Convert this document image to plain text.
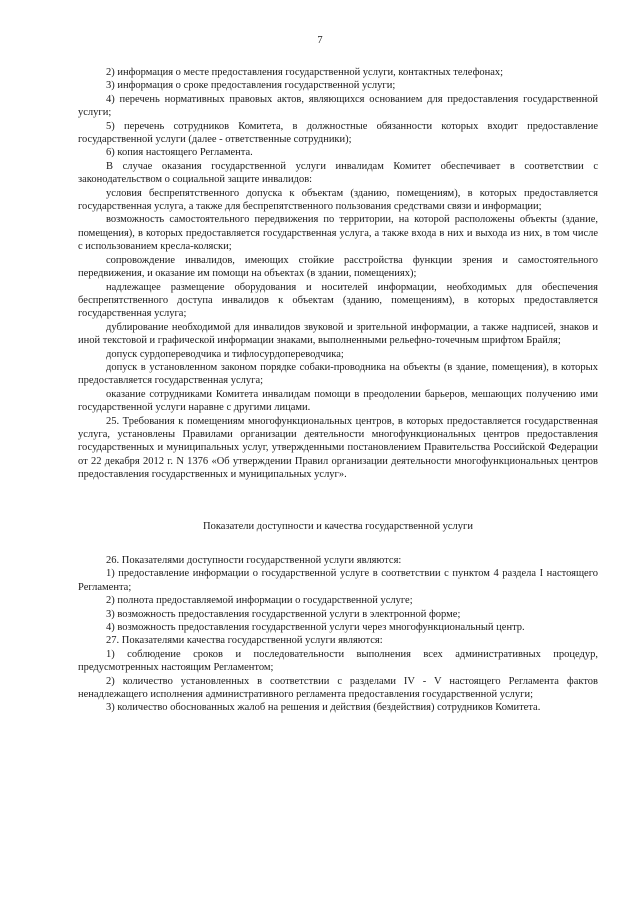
7

2) информация о месте предоставления государственной услуги, контактных телефонах;

3) информация о сроке предоставления государственной услуги;

4) перечень нормативных правовых актов, являющихся основанием для предоставления государственной услуги;

5) перечень сотрудников Комитета, в должностные обязанности которых входит предоставление государственной услуги (далее - ответственные сотрудники);

6) копия настоящего Регламента.

В случае оказания государственной услуги инвалидам Комитет обеспечивает в соответствии с законодательством о социальной защите инвалидов:

условия беспрепятственного допуска к объектам (зданию, помещениям), в которых предоставляется государственная услуга, а также для беспрепятственного пользования средствами связи и информации;

возможность самостоятельного передвижения по территории, на которой расположены объекты (здание, помещения), в которых предоставляется государственная услуга, а также входа в них и выхода из них, в том числе с использованием кресла-коляски;

сопровождение инвалидов, имеющих стойкие расстройства функции зрения и самостоятельного передвижения, и оказание им помощи на объектах (в здании, помещениях);

надлежащее размещение оборудования и носителей информации, необходимых для обеспечения беспрепятственного доступа инвалидов к объектам (зданию, помещениям), в которых предоставляется государственная услуга;

дублирование необходимой для инвалидов звуковой и зрительной информации, а также надписей, знаков и иной текстовой и графической информации знаками, выполненными рельефно-точечным шрифтом Брайля;

допуск сурдопереводчика и тифлосурдопереводчика;

допуск в установленном законом порядке собаки-проводника на объекты (в здание, помещения), в которых предоставляется государственная услуга;

оказание сотрудниками Комитета инвалидам помощи в преодолении барьеров, мешающих получению ими государственной услуги наравне с другими лицами.

25. Требования к помещениям многофункциональных центров, в которых предоставляется государственная услуга, установлены Правилами организации деятельности многофункциональных центров предоставления государственных и муниципальных услуг, утвержденными постановлением Правительства Российской Федерации от 22 декабря 2012 г. N 1376 «Об утверждении Правил организации деятельности многофункциональных центров предоставления государственных и муниципальных услуг».

Показатели доступности и качества государственной услуги

26. Показателями доступности государственной услуги являются:

1) предоставление информации о государственной услуге в соответствии с пунктом 4 раздела I настоящего Регламента;

2) полнота предоставляемой информации о государственной услуге;

3) возможность предоставления государственной услуги в электронной форме;

4) возможность предоставления государственной услуги через многофункциональный центр.

27. Показателями качества государственной услуги являются:

1) соблюдение сроков и последовательности выполнения всех административных процедур, предусмотренных настоящим Регламентом;

2) количество установленных в соответствии с разделами IV - V настоящего Регламента фактов ненадлежащего исполнения административного регламента предоставления государственной услуги;

3) количество обоснованных жалоб на решения и действия (бездействия) сотрудников Комитета.
